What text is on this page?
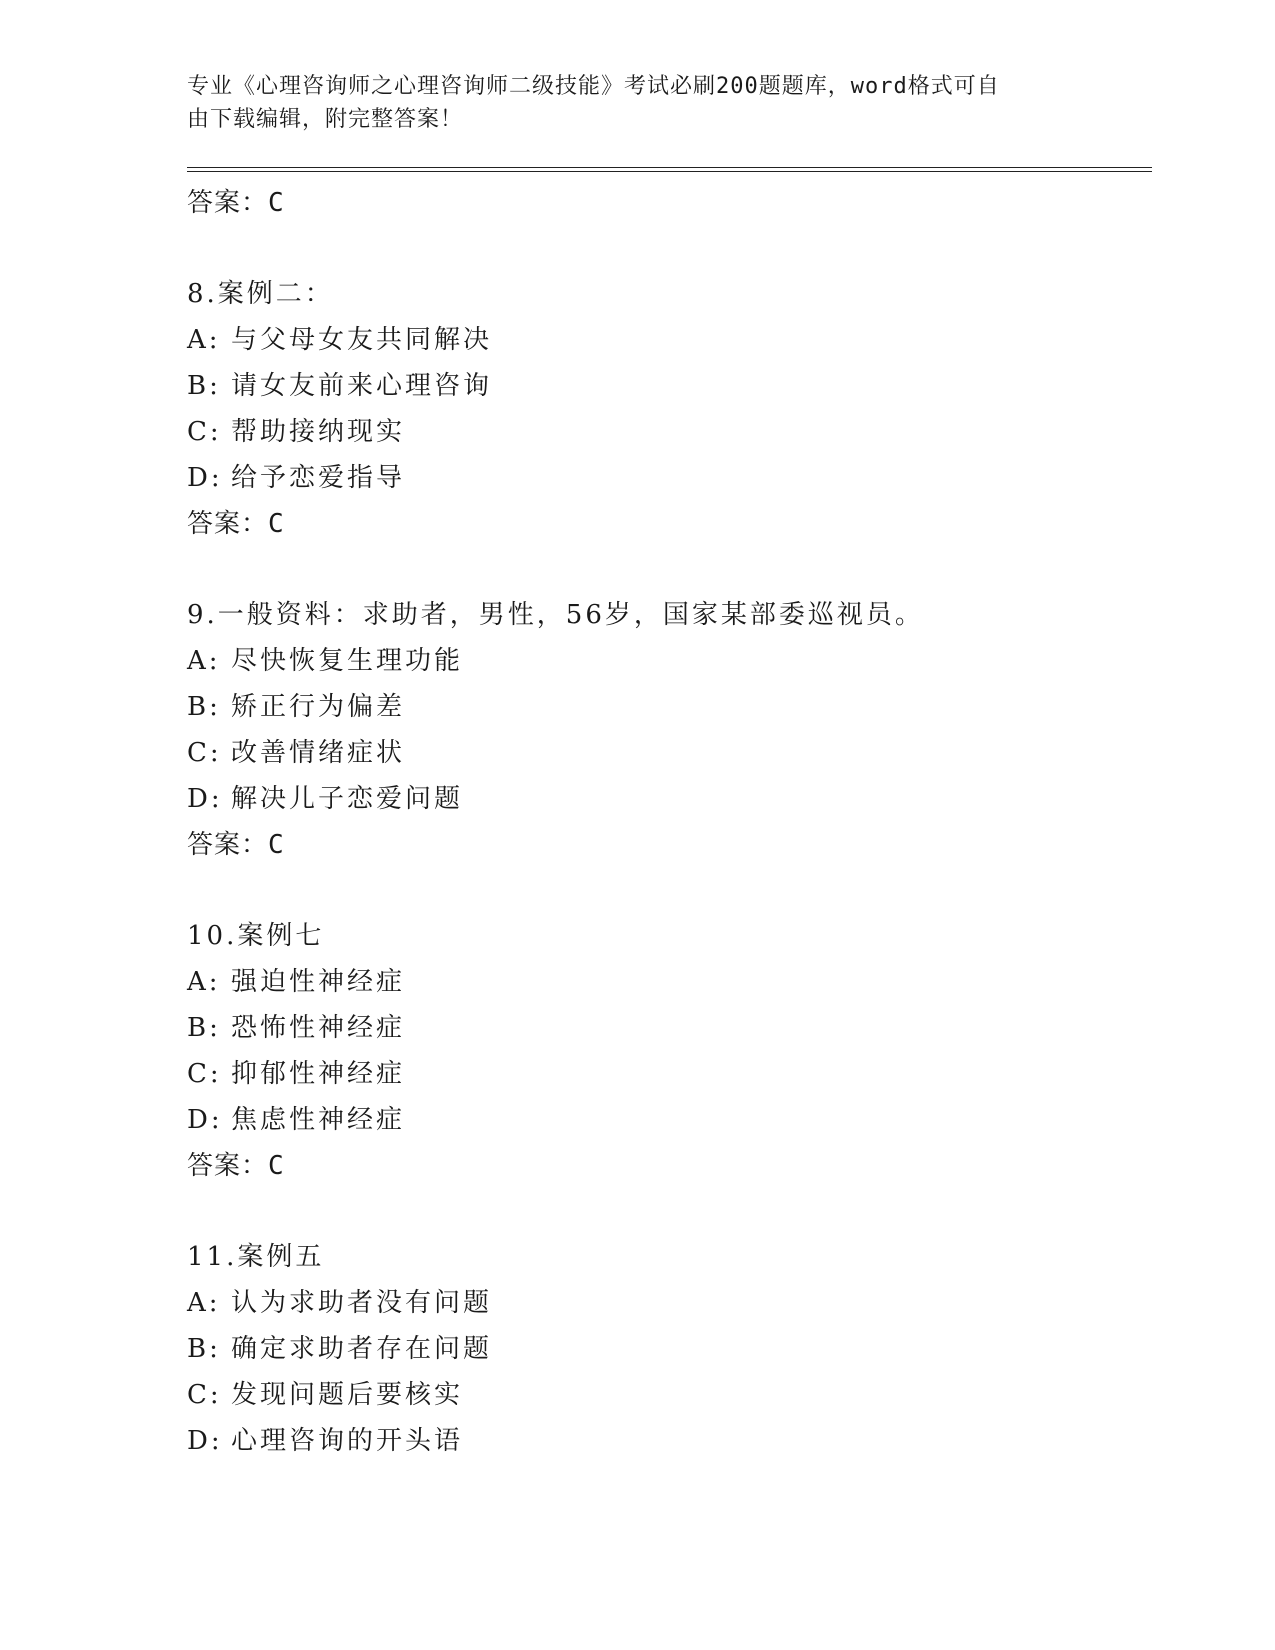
专业《心理咨询师之心理咨询师二级技能》考试必刷200题题库，word格式可自

由下载编辑，附完整答案！

答案：C
8.案例二：
A: 与父母女友共同解决
B: 请女友前来心理咨询
C: 帮助接纳现实
D: 给予恋爱指导
答案：C
9.一般资料：求助者，男性，56岁，国家某部委巡视员。
A: 尽快恢复生理功能
B: 矫正行为偏差
C: 改善情绪症状
D: 解决儿子恋爱问题
答案：C
10.案例七
A: 强迫性神经症
B: 恐怖性神经症
C: 抑郁性神经症
D: 焦虑性神经症
答案：C
11.案例五
A: 认为求助者没有问题
B: 确定求助者存在问题
C: 发现问题后要核实
D: 心理咨询的开头语
